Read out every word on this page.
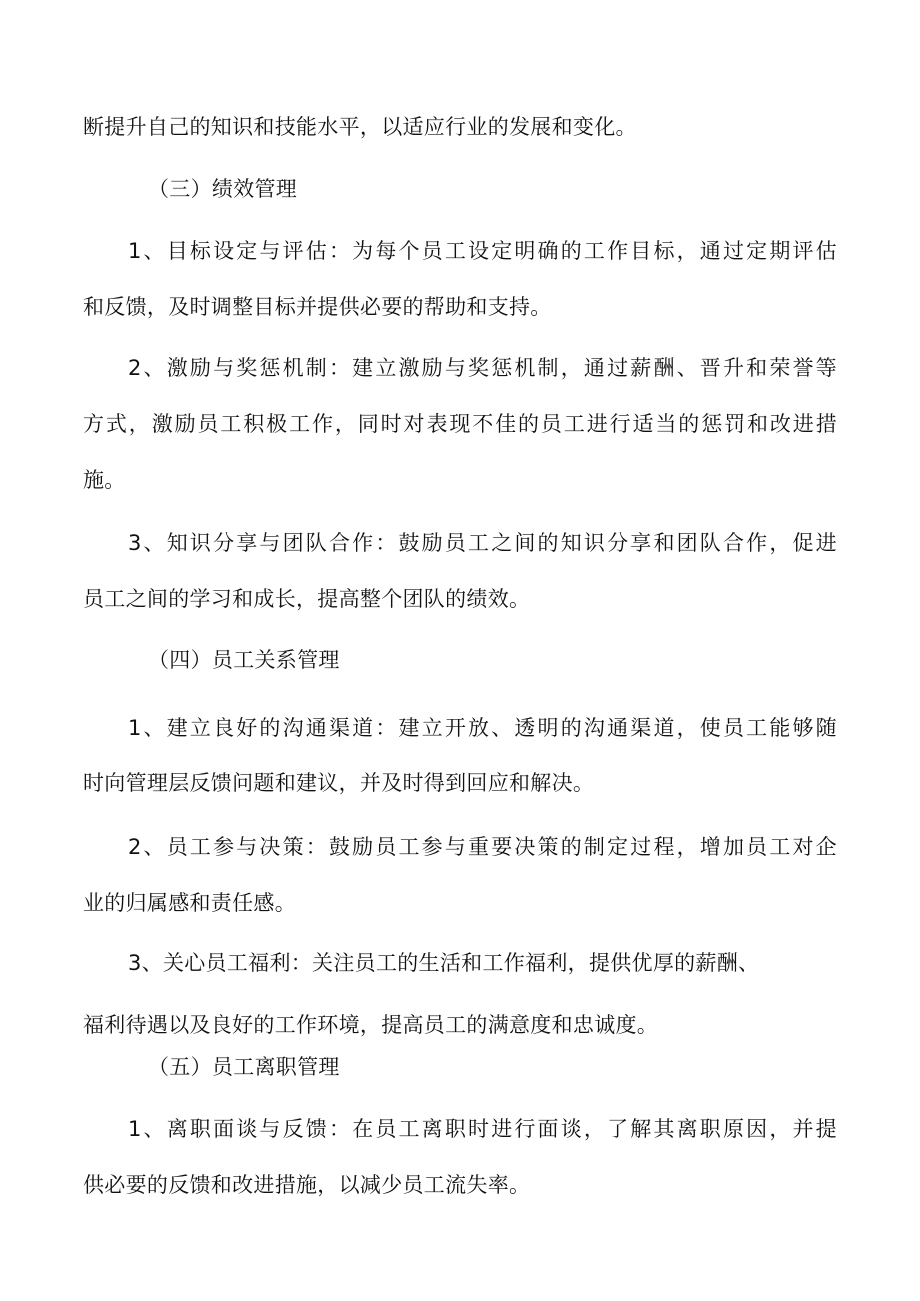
断提升自己的知识和技能水平，以适应行业的发展和变化。
（三）绩效管理
1、目标设定与评估：为每个员工设定明确的工作目标，通过定期评估
和反馈，及时调整目标并提供必要的帮助和支持。
2、激励与奖惩机制：建立激励与奖惩机制，通过薪酬、晋升和荣誉等
方式，激励员工积极工作，同时对表现不佳的员工进行适当的惩罚和改进措
施。
3、知识分享与团队合作：鼓励员工之间的知识分享和团队合作，促进
员工之间的学习和成长，提高整个团队的绩效。
（四）员工关系管理
1、建立良好的沟通渠道：建立开放、透明的沟通渠道，使员工能够随
时向管理层反馈问题和建议，并及时得到回应和解决。
2、员工参与决策：鼓励员工参与重要决策的制定过程，增加员工对企
业的归属感和责任感。
3、关心员工福利：关注员工的生活和工作福利，提供优厚的薪酬、
福利待遇以及良好的工作环境，提高员工的满意度和忠诚度。
（五）员工离职管理
1、离职面谈与反馈：在员工离职时进行面谈，了解其离职原因，并提
供必要的反馈和改进措施，以减少员工流失率。
